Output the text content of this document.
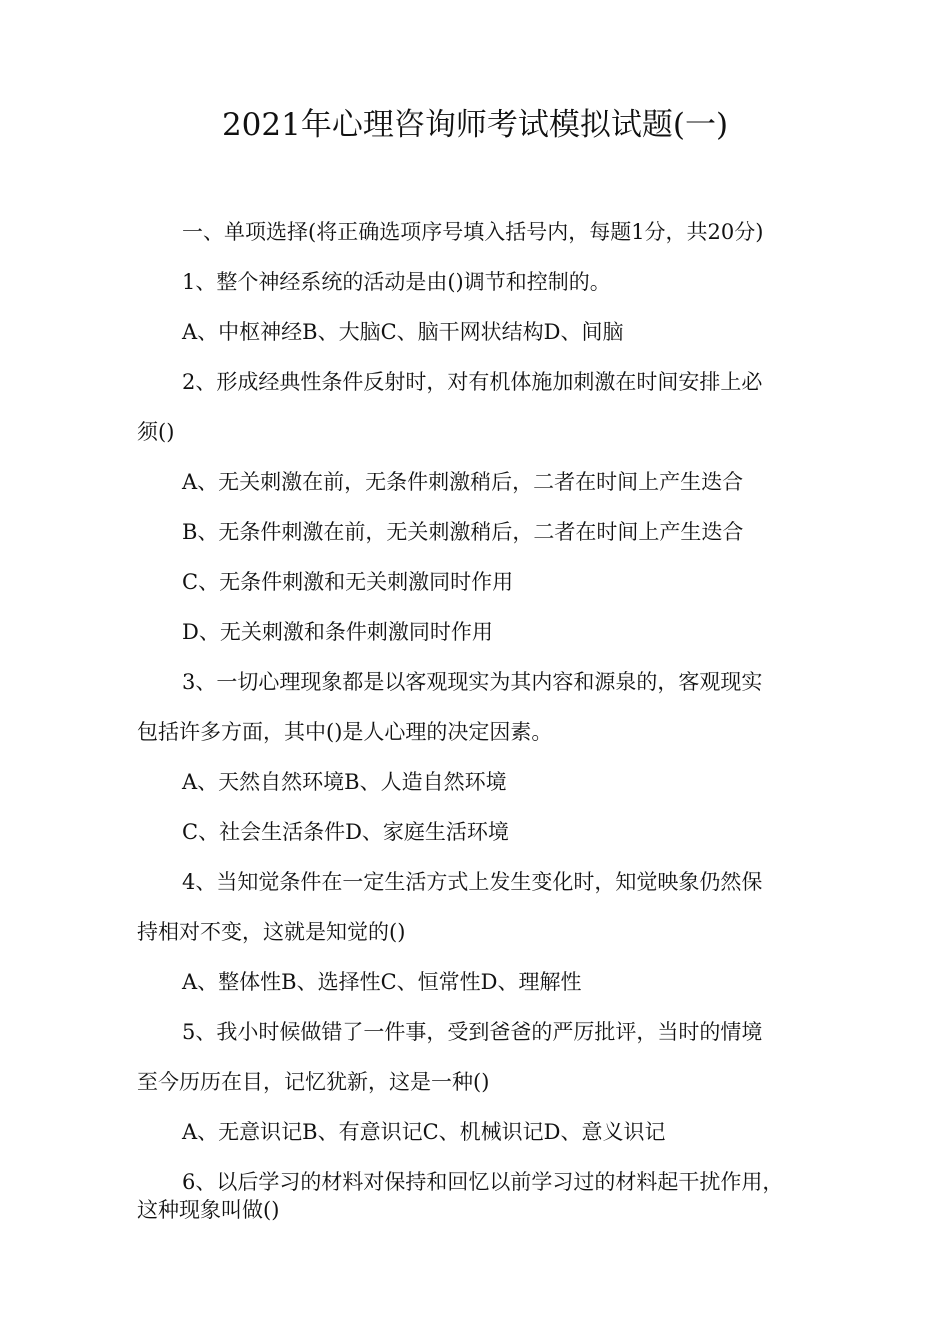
2021年心理咨询师考试模拟试题(一)
一、单项选择(将正确选项序号填入括号内，每题1分，共20分)
1、整个神经系统的活动是由()调节和控制的。
A、中枢神经B、大脑C、脑干网状结构D、间脑
2、形成经典性条件反射时，对有机体施加刺激在时间安排上必
须()
A、无关刺激在前，无条件刺激稍后，二者在时间上产生迭合
B、无条件刺激在前，无关刺激稍后，二者在时间上产生迭合
C、无条件刺激和无关刺激同时作用
D、无关刺激和条件刺激同时作用
3、一切心理现象都是以客观现实为其内容和源泉的，客观现实
包括许多方面，其中()是人心理的决定因素。
A、天然自然环境B、人造自然环境
C、社会生活条件D、家庭生活环境
4、当知觉条件在一定生活方式上发生变化时，知觉映象仍然保
持相对不变，这就是知觉的()
A、整体性B、选择性C、恒常性D、理解性
5、我小时候做错了一件事，受到爸爸的严厉批评，当时的情境
至今历历在目，记忆犹新，这是一种()
A、无意识记B、有意识记C、机械识记D、意义识记
6、以后学习的材料对保持和回忆以前学习过的材料起干扰作用，
这种现象叫做()
